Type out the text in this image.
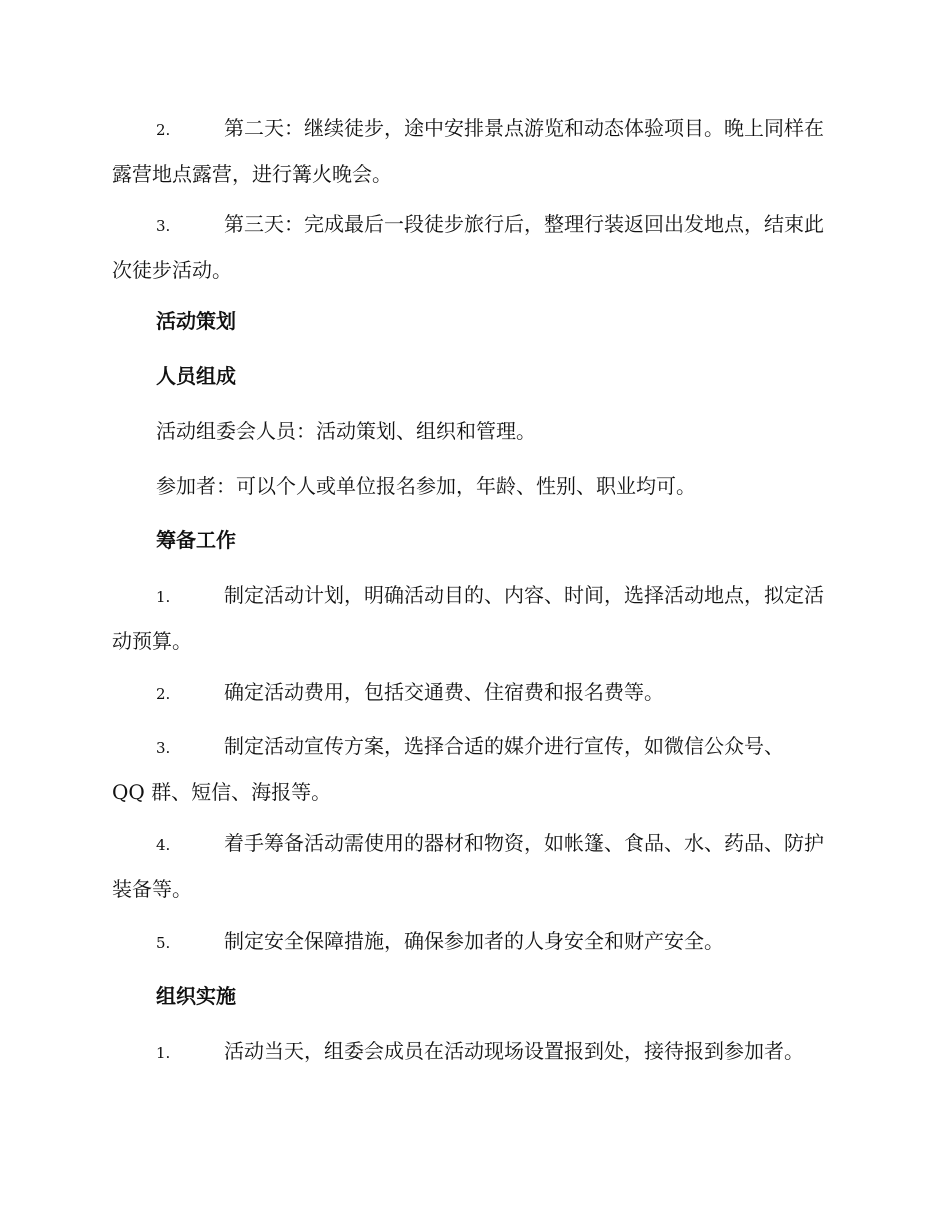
2.	第二天：继续徒步，途中安排景点游览和动态体验项目。晚上同样在露营地点露营，进行篝火晚会。
3.	第三天：完成最后一段徒步旅行后，整理行装返回出发地点，结束此次徒步活动。
活动策划
人员组成
活动组委会人员：活动策划、组织和管理。
参加者：可以个人或单位报名参加，年龄、性别、职业均可。
筹备工作
1.	制定活动计划，明确活动目的、内容、时间，选择活动地点，拟定活动预算。
2.	确定活动费用，包括交通费、住宿费和报名费等。
3.	制定活动宣传方案，选择合适的媒介进行宣传，如微信公众号、QQ 群、短信、海报等。
4.	着手筹备活动需使用的器材和物资，如帐篷、食品、水、药品、防护装备等。
5.	制定安全保障措施，确保参加者的人身安全和财产安全。
组织实施
1.	活动当天，组委会成员在活动现场设置报到处，接待报到参加者。
